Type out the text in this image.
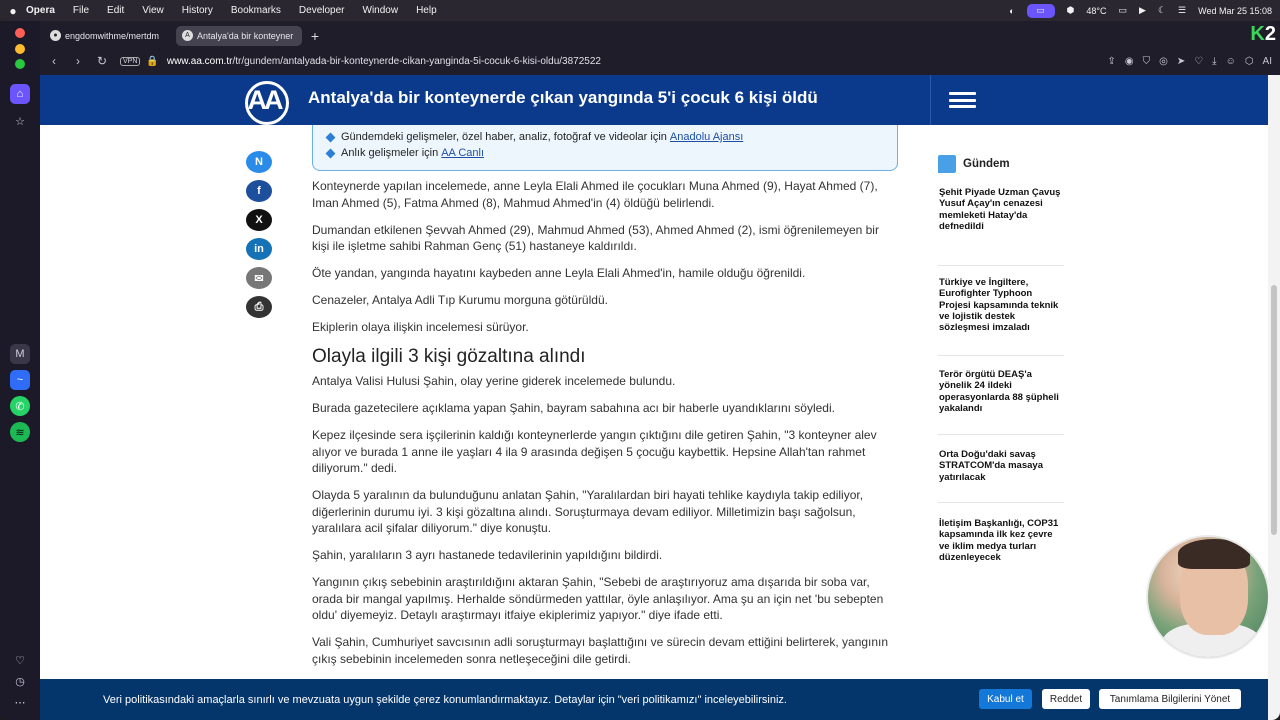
● Opera File Edit View History Bookmarks Developer Window Help	◐	▭	⬢ 48°C ▭ ▶ ☾ ☰ Wed Mar 25 15:08
⌂
☆
M
~
✆
≋
♡
◷
⋯
● engdomwithme/mertdm	A Antalya'da bir konteyner	+	K2
‹	›	↻	VPN 🔒 www.aa.com.tr/tr/gundem/antalyada-bir-konteynerde-cikan-yanginda-5i-cocuk-6-kisi-oldu/3872522	⇪ ◉ ⛉ ◎ ➤ ♡ ⤓ ☺ ⬡ AI
AA Antalya'da bir konteynerde çıkan yangında 5'i çocuk 6 kişi öldü
N
f
X
in
✉
⎙
Gündemdeki gelişmeler, özel haber, analiz, fotoğraf ve videolar için Anadolu Ajansı
Anlık gelişmeler için AA Canlı

Konteynerde yapılan incelemede, anne Leyla Elali Ahmed ile çocukları Muna Ahmed (9), Hayat Ahmed (7), Iman Ahmed (5), Fatma Ahmed (8), Mahmud Ahmed'in (4) öldüğü belirlendi.

Dumandan etkilenen Şevvah Ahmed (29), Mahmud Ahmed (53), Ahmed Ahmed (2), ismi öğrenilemeyen bir kişi ile işletme sahibi Rahman Genç (51) hastaneye kaldırıldı.

Öte yandan, yangında hayatını kaybeden anne Leyla Elali Ahmed'in, hamile olduğu öğrenildi.

Cenazeler, Antalya Adli Tıp Kurumu morguna götürüldü.

Ekiplerin olaya ilişkin incelemesi sürüyor.

Olayla ilgili 3 kişi gözaltına alındı

Antalya Valisi Hulusi Şahin, olay yerine giderek incelemede bulundu.

Burada gazetecilere açıklama yapan Şahin, bayram sabahına acı bir haberle uyandıklarını söyledi.

Kepez ilçesinde sera işçilerinin kaldığı konteynerlerde yangın çıktığını dile getiren Şahin, "3 konteyner alev alıyor ve burada 1 anne ile yaşları 4 ila 9 arasında değişen 5 çocuğu kaybettik. Hepsine Allah'tan rahmet diliyorum." dedi.

Olayda 5 yaralının da bulunduğunu anlatan Şahin, "Yaralılardan biri hayati tehlike kaydıyla takip ediliyor, diğerlerinin durumu iyi. 3 kişi gözaltına alındı. Soruşturmaya devam ediliyor. Milletimizin başı sağolsun, yaralılara acil şifalar diliyorum." diye konuştu.

Şahin, yaralıların 3 ayrı hastanede tedavilerinin yapıldığını bildirdi.

Yangının çıkış sebebinin araştırıldığını aktaran Şahin, "Sebebi de araştırıyoruz ama dışarıda bir soba var, orada bir mangal yapılmış. Herhalde söndürmeden yattılar, öyle anlaşılıyor. Ama şu an için net 'bu sebepten oldu' diyemeyiz. Detaylı araştırmayı itfaiye ekiplerimiz yapıyor." diye ifade etti.

Vali Şahin, Cumhuriyet savcısının adli soruşturmayı başlattığını ve sürecin devam ettiğini belirterek, yangının çıkış sebebinin incelemeden sonra netleşeceğini dile getirdi.

Gündem
Şehit Piyade Uzman Çavuş Yusuf Açay'ın cenazesi memleketi Hatay'da defnedildi
Türkiye ve İngiltere, Eurofighter Typhoon Projesi kapsamında teknik ve lojistik destek sözleşmesi imzaladı
Terör örgütü DEAŞ'a yönelik 24 ildeki operasyonlarda 88 şüpheli yakalandı
Orta Doğu'daki savaş STRATCOM'da masaya yatırılacak
İletişim Başkanlığı, COP31 kapsamında ilk kez çevre ve iklim medya turları düzenleyecek
Veri politikasındaki amaçlarla sınırlı ve mevzuata uygun şekilde çerez konumlandırmaktayız. Detaylar için "veri politikamızı" inceleyebilirsiniz.	Kabul et	Reddet	Tanımlama Bilgilerini Yönet
